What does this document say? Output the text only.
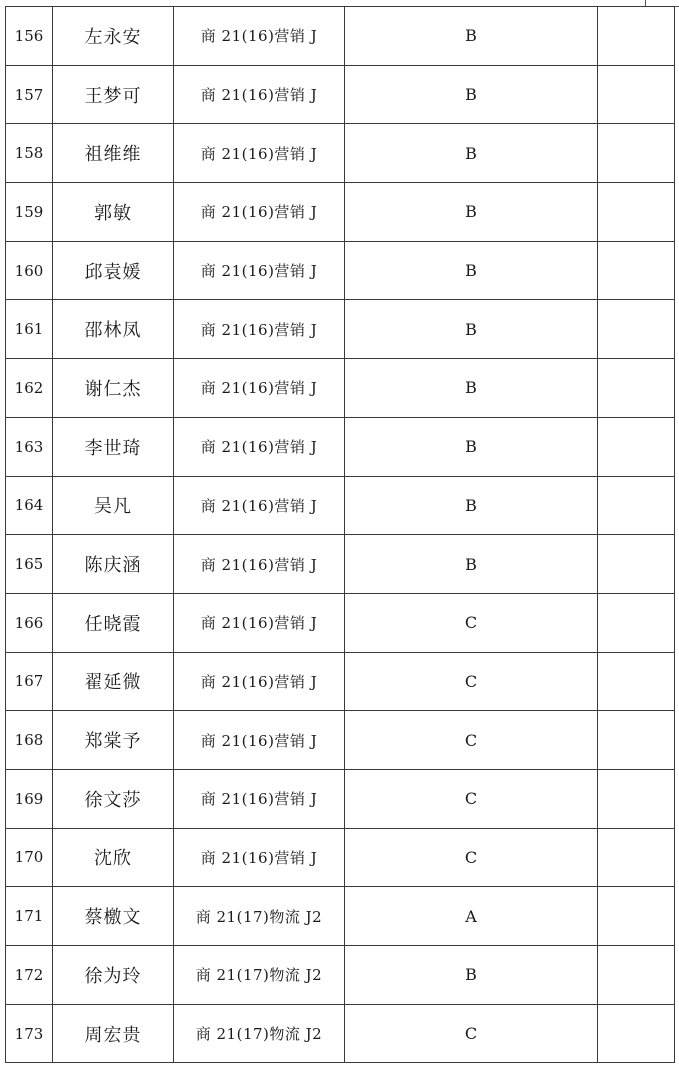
156	左永安	商 21(16)营销 J	B	
157	王梦可	商 21(16)营销 J	B	
158	祖维维	商 21(16)营销 J	B	
159	郭敏	商 21(16)营销 J	B	
160	邱袁媛	商 21(16)营销 J	B	
161	邵林凤	商 21(16)营销 J	B	
162	谢仁杰	商 21(16)营销 J	B	
163	李世琦	商 21(16)营销 J	B	
164	吴凡	商 21(16)营销 J	B	
165	陈庆涵	商 21(16)营销 J	B	
166	任晓霞	商 21(16)营销 J	C	
167	翟延微	商 21(16)营销 J	C	
168	郑棠予	商 21(16)营销 J	C	
169	徐文莎	商 21(16)营销 J	C	
170	沈欣	商 21(16)营销 J	C	
171	蔡檄文	商 21(17)物流 J2	A	
172	徐为玲	商 21(17)物流 J2	B	
173	周宏贵	商 21(17)物流 J2	C	
